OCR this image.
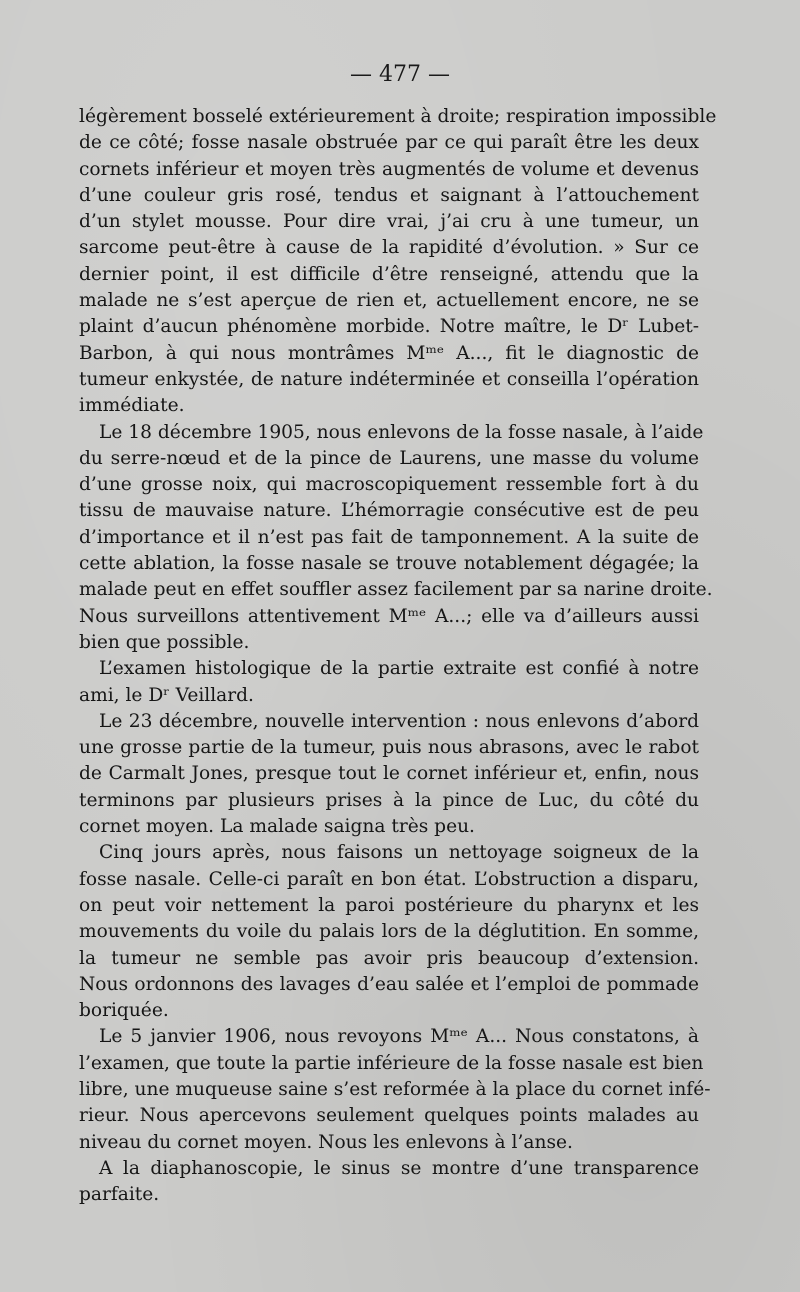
— 477 —
légèrement bosselé extérieurement à droite; respiration impossible
de ce côté; fosse nasale obstruée par ce qui paraît être les deux
cornets inférieur et moyen très augmentés de volume et devenus
d’une couleur gris rosé, tendus et saignant à l’attouchement
d’un stylet mousse. Pour dire vrai, j’ai cru à une tumeur, un
sarcome peut-être à cause de la rapidité d’évolution. » Sur ce
dernier point, il est difficile d’être renseigné, attendu que la
malade ne s’est aperçue de rien et, actuellement encore, ne se
plaint d’aucun phénomène morbide. Notre maître, le Dʳ Lubet-
Barbon, à qui nous montrâmes Mᵐᵉ A..., fit le diagnostic de
tumeur enkystée, de nature indéterminée et conseilla l’opération
immédiate.
Le 18 décembre 1905, nous enlevons de la fosse nasale, à l’aide
du serre-nœud et de la pince de Laurens, une masse du volume
d’une grosse noix, qui macroscopiquement ressemble fort à du
tissu de mauvaise nature. L’hémorragie consécutive est de peu
d’importance et il n’est pas fait de tamponnement. A la suite de
cette ablation, la fosse nasale se trouve notablement dégagée; la
malade peut en effet souffler assez facilement par sa narine droite.
Nous surveillons attentivement Mᵐᵉ A...; elle va d’ailleurs aussi
bien que possible.
L’examen histologique de la partie extraite est confié à notre
ami, le Dʳ Veillard.
Le 23 décembre, nouvelle intervention : nous enlevons d’abord
une grosse partie de la tumeur, puis nous abrasons, avec le rabot
de Carmalt Jones, presque tout le cornet inférieur et, enfin, nous
terminons par plusieurs prises à la pince de Luc, du côté du
cornet moyen. La malade saigna très peu.
Cinq jours après, nous faisons un nettoyage soigneux de la
fosse nasale. Celle-ci paraît en bon état. L’obstruction a disparu,
on peut voir nettement la paroi postérieure du pharynx et les
mouvements du voile du palais lors de la déglutition. En somme,
la tumeur ne semble pas avoir pris beaucoup d’extension.
Nous ordonnons des lavages d’eau salée et l’emploi de pommade
boriquée.
Le 5 janvier 1906, nous revoyons Mᵐᵉ A... Nous constatons, à
l’examen, que toute la partie inférieure de la fosse nasale est bien
libre, une muqueuse saine s’est reformée à la place du cornet infé-
rieur. Nous apercevons seulement quelques points malades au
niveau du cornet moyen. Nous les enlevons à l’anse.
A la diaphanoscopie, le sinus se montre d’une transparence
parfaite.
